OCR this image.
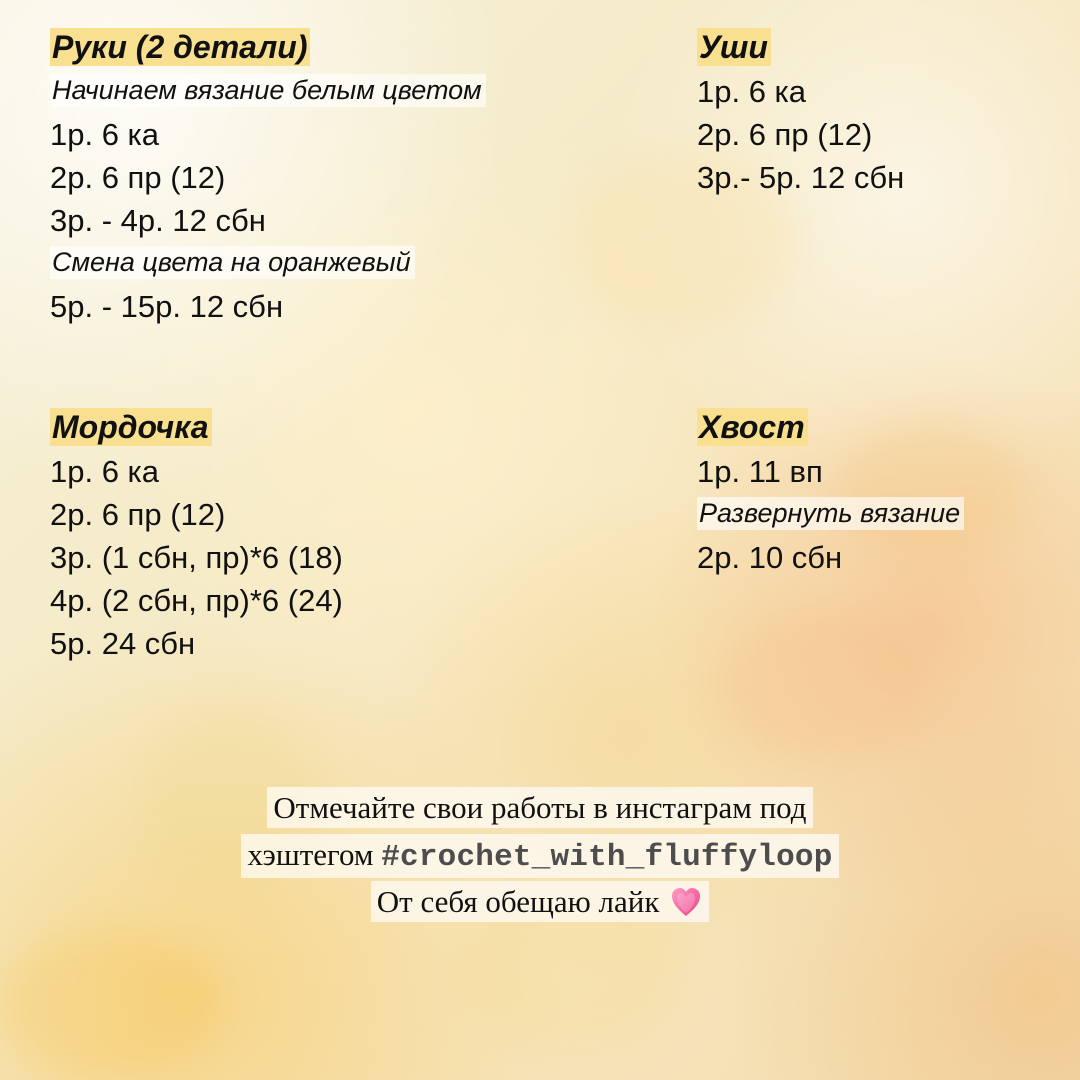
Руки (2 детали) Начинаем вязание белым цветом
1р. 6 ка
2р. 6 пр (12)
3р. - 4р. 12 сбн
Смена цвета на оранжевый
5р. - 15р. 12 сбн
Уши
1р. 6 ка
2р. 6 пр (12)
3р.- 5р. 12 сбн
Мордочка
1р. 6 ка
2р. 6 пр (12)
3р. (1 сбн, пр)*6 (18)
4р. (2 сбн, пр)*6 (24)
5р. 24 сбн
Хвост
1р. 11 вп
Развернуть вязание
2р. 10 сбн
Отмечайте свои работы в инстаграм под
хэштегом #crochet_with_fluffyloop
От себя обещаю лайк
